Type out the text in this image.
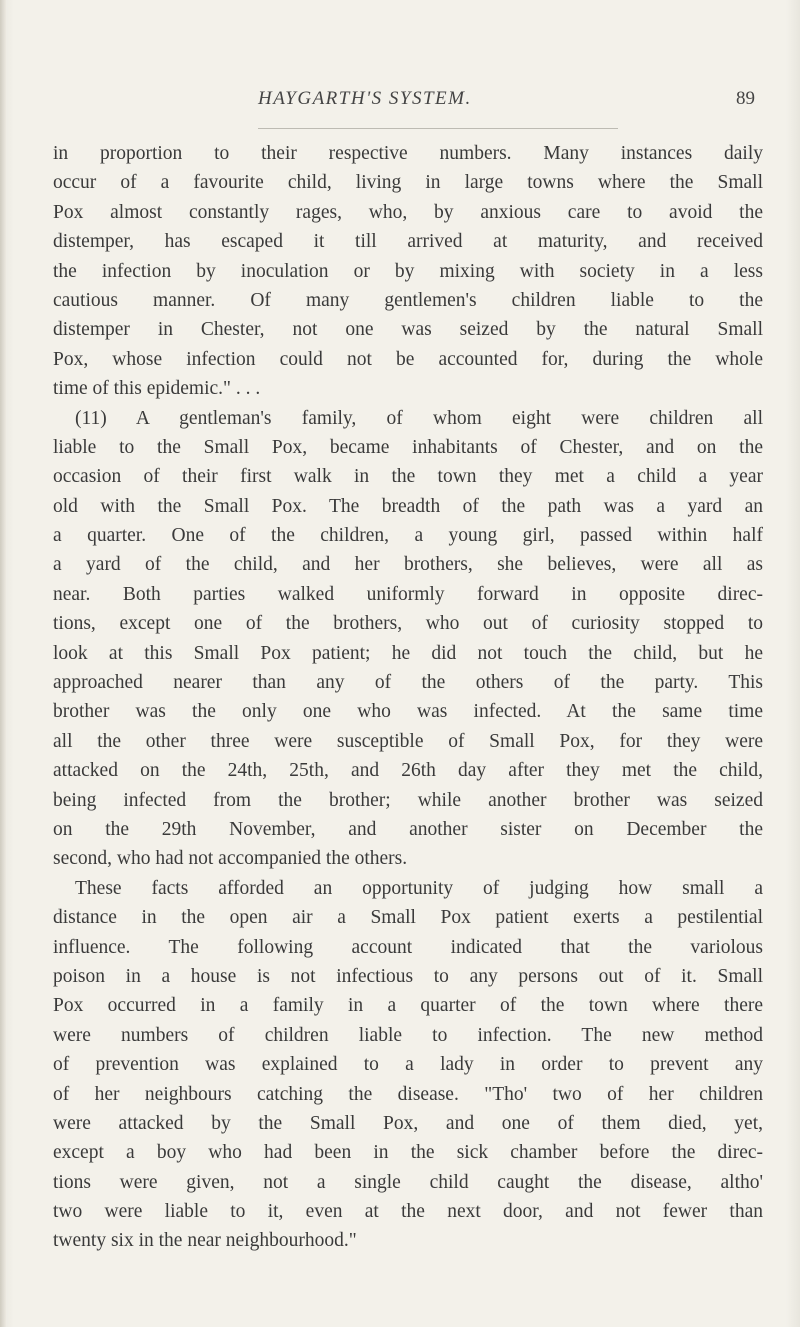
HAYGARTH'S SYSTEM.	89
in proportion to their respective numbers. Many instances daily
occur of a favourite child, living in large towns where the Small
Pox almost constantly rages, who, by anxious care to avoid the
distemper, has escaped it till arrived at maturity, and received
the infection by inoculation or by mixing with society in a less
cautious manner. Of many gentlemen's children liable to the
distemper in Chester, not one was seized by the natural Small
Pox, whose infection could not be accounted for, during the whole
time of this epidemic." . . .
(11) A gentleman's family, of whom eight were children all
liable to the Small Pox, became inhabitants of Chester, and on the
occasion of their first walk in the town they met a child a year
old with the Small Pox. The breadth of the path was a yard an
a quarter. One of the children, a young girl, passed within half
a yard of the child, and her brothers, she believes, were all as
near. Both parties walked uniformly forward in opposite direc-
tions, except one of the brothers, who out of curiosity stopped to
look at this Small Pox patient; he did not touch the child, but he
approached nearer than any of the others of the party. This
brother was the only one who was infected. At the same time
all the other three were susceptible of Small Pox, for they were
attacked on the 24th, 25th, and 26th day after they met the child,
being infected from the brother; while another brother was seized
on the 29th November, and another sister on December the
second, who had not accompanied the others.
These facts afforded an opportunity of judging how small a
distance in the open air a Small Pox patient exerts a pestilential
influence. The following account indicated that the variolous
poison in a house is not infectious to any persons out of it. Small
Pox occurred in a family in a quarter of the town where there
were numbers of children liable to infection. The new method
of prevention was explained to a lady in order to prevent any
of her neighbours catching the disease. "Tho' two of her children
were attacked by the Small Pox, and one of them died, yet,
except a boy who had been in the sick chamber before the direc-
tions were given, not a single child caught the disease, altho'
two were liable to it, even at the next door, and not fewer than
twenty six in the near neighbourhood."
